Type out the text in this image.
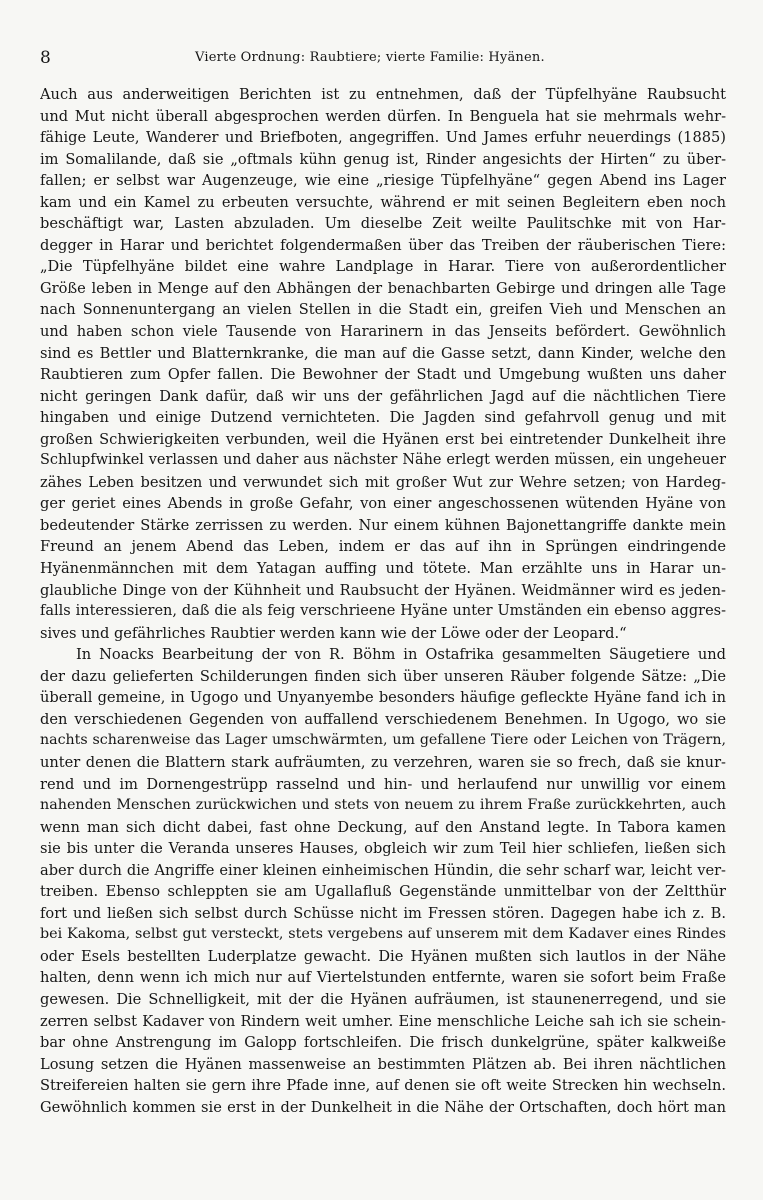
8	Vierte Ordnung: Raubtiere; vierte Familie: Hyänen.
Auch aus anderweitigen Berichten ist zu entnehmen, daß der Tüpfelhyäne Raubsucht
und Mut nicht überall abgesprochen werden dürfen. In Benguela hat sie mehrmals wehr-
fähige Leute, Wanderer und Briefboten, angegriffen. Und James erfuhr neuerdings (1885)
im Somalilande, daß sie „oftmals kühn genug ist, Rinder angesichts der Hirten“ zu über-
fallen; er selbst war Augenzeuge, wie eine „riesige Tüpfelhyäne“ gegen Abend ins Lager
kam und ein Kamel zu erbeuten versuchte, während er mit seinen Begleitern eben noch
beschäftigt war, Lasten abzuladen. Um dieselbe Zeit weilte Paulitschke mit von Har-
degger in Harar und berichtet folgendermaßen über das Treiben der räuberischen Tiere:
„Die Tüpfelhyäne bildet eine wahre Landplage in Harar. Tiere von außerordentlicher
Größe leben in Menge auf den Abhängen der benachbarten Gebirge und dringen alle Tage
nach Sonnenuntergang an vielen Stellen in die Stadt ein, greifen Vieh und Menschen an
und haben schon viele Tausende von Hararinern in das Jenseits befördert. Gewöhnlich
sind es Bettler und Blatternkranke, die man auf die Gasse setzt, dann Kinder, welche den
Raubtieren zum Opfer fallen. Die Bewohner der Stadt und Umgebung wußten uns daher
nicht geringen Dank dafür, daß wir uns der gefährlichen Jagd auf die nächtlichen Tiere
hingaben und einige Dutzend vernichteten. Die Jagden sind gefahrvoll genug und mit
großen Schwierigkeiten verbunden, weil die Hyänen erst bei eintretender Dunkelheit ihre
Schlupfwinkel verlassen und daher aus nächster Nähe erlegt werden müssen, ein ungeheuer
zähes Leben besitzen und verwundet sich mit großer Wut zur Wehre setzen; von Hardeg-
ger geriet eines Abends in große Gefahr, von einer angeschossenen wütenden Hyäne von
bedeutender Stärke zerrissen zu werden. Nur einem kühnen Bajonettangriffe dankte mein
Freund an jenem Abend das Leben, indem er das auf ihn in Sprüngen eindringende
Hyänenmännchen mit dem Yatagan auffing und tötete. Man erzählte uns in Harar un-
glaubliche Dinge von der Kühnheit und Raubsucht der Hyänen. Weidmänner wird es jeden-
falls interessieren, daß die als feig verschrieene Hyäne unter Umständen ein ebenso aggres-
sives und gefährliches Raubtier werden kann wie der Löwe oder der Leopard.“
In Noacks Bearbeitung der von R. Böhm in Ostafrika gesammelten Säugetiere und
der dazu gelieferten Schilderungen finden sich über unseren Räuber folgende Sätze: „Die
überall gemeine, in Ugogo und Unyanyembe besonders häufige gefleckte Hyäne fand ich in
den verschiedenen Gegenden von auffallend verschiedenem Benehmen. In Ugogo, wo sie
nachts scharenweise das Lager umschwärmten, um gefallene Tiere oder Leichen von Trägern,
unter denen die Blattern stark aufräumten, zu verzehren, waren sie so frech, daß sie knur-
rend und im Dornengestrüpp rasselnd und hin- und herlaufend nur unwillig vor einem
nahenden Menschen zurückwichen und stets von neuem zu ihrem Fraße zurückkehrten, auch
wenn man sich dicht dabei, fast ohne Deckung, auf den Anstand legte. In Tabora kamen
sie bis unter die Veranda unseres Hauses, obgleich wir zum Teil hier schliefen, ließen sich
aber durch die Angriffe einer kleinen einheimischen Hündin, die sehr scharf war, leicht ver-
treiben. Ebenso schleppten sie am Ugallafluß Gegenstände unmittelbar von der Zeltthür
fort und ließen sich selbst durch Schüsse nicht im Fressen stören. Dagegen habe ich z. B.
bei Kakoma, selbst gut versteckt, stets vergebens auf unserem mit dem Kadaver eines Rindes
oder Esels bestellten Luderplatze gewacht. Die Hyänen mußten sich lautlos in der Nähe
halten, denn wenn ich mich nur auf Viertelstunden entfernte, waren sie sofort beim Fraße
gewesen. Die Schnelligkeit, mit der die Hyänen aufräumen, ist staunenerregend, und sie
zerren selbst Kadaver von Rindern weit umher. Eine menschliche Leiche sah ich sie schein-
bar ohne Anstrengung im Galopp fortschleifen. Die frisch dunkelgrüne, später kalkweiße
Losung setzen die Hyänen massenweise an bestimmten Plätzen ab. Bei ihren nächtlichen
Streifereien halten sie gern ihre Pfade inne, auf denen sie oft weite Strecken hin wechseln.
Gewöhnlich kommen sie erst in der Dunkelheit in die Nähe der Ortschaften, doch hört man
